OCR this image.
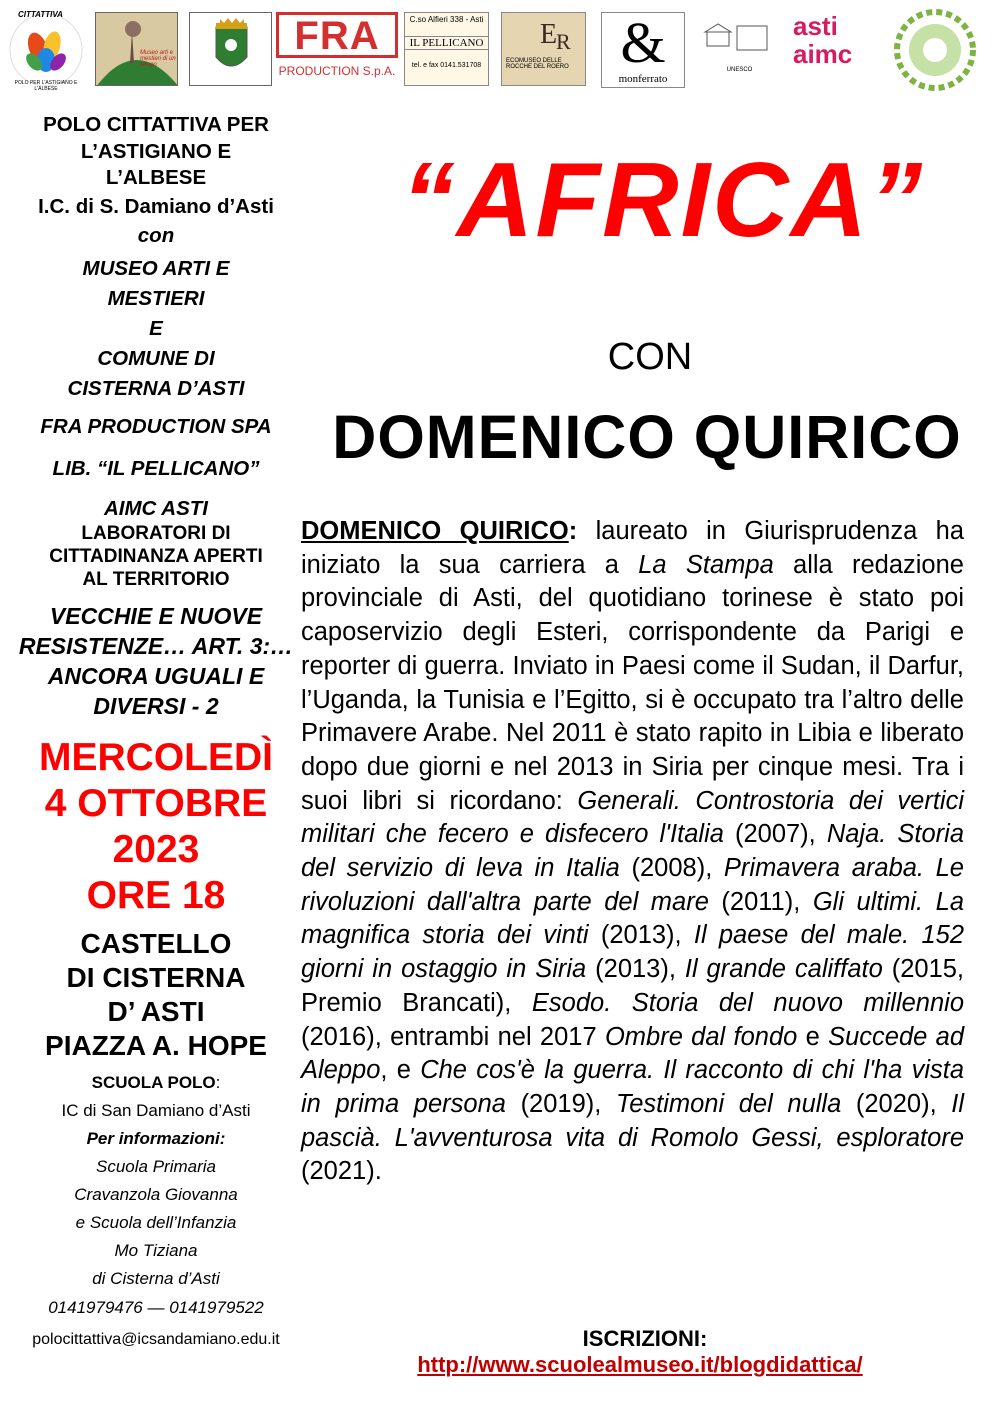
CITTATTIVA
POLO PER L'ASTIGIANO E L'ALBESE
Museo arti e mestieri di un tempo
FRA
PRODUCTION S.p.A.
C.so Alfieri 338 - Asti
IL PELLICANO
tel. e fax 0141.531708
E
R
ECOMUSEO DELLE ROCCHE DEL ROERO &
monferrato
UNESCO
asti
aimc
POLO CITTATTIVA PER L’ASTIGIANO E L’ALBESE
I.C. di S. Damiano d’Asti
con
MUSEO ARTI E MESTIERI
E
COMUNE DI CISTERNA D’ASTI
FRA PRODUCTION SPA
LIB. “IL PELLICANO”
AIMC ASTI
LABORATORI DI CITTADINANZA APERTI AL TERRITORIO
VECCHIE E NUOVE RESISTENZE… ART. 3:… ANCORA UGUALI E DIVERSI - 2
MERCOLEDÌ
4 OTTOBRE
2023
ORE 18
CASTELLO
DI CISTERNA
D’ ASTI
PIAZZA A. HOPE
SCUOLA POLO:
IC di San Damiano d’Asti
Per informazioni:
Scuola Primaria
Cravanzola Giovanna
e Scuola dell’Infanzia
Mo Tiziana
di Cisterna d’Asti
0141979476 — 0141979522
polocittattiva@icsandamiano.edu.it
“AFRICA”
CON
DOMENICO QUIRICO
DOMENICO QUIRICO: laureato in Giurisprudenza ha iniziato la sua carriera a La Stampa alla redazione provinciale di Asti, del quotidiano torinese è stato poi caposervizio degli Esteri, corrispondente da Parigi e reporter di guerra. Inviato in Paesi come il Sudan, il Darfur, l’Uganda, la Tunisia e l’Egitto, si è occupato tra l’altro delle Primavere Arabe. Nel 2011 è stato rapito in Libia e liberato dopo due giorni e nel 2013 in Siria per cinque mesi. Tra i suoi libri si ricordano: Generali. Controstoria dei vertici militari che fecero e disfecero l'Italia (2007), Naja. Storia del servizio di leva in Italia (2008), Primavera araba. Le rivoluzioni dall'altra parte del mare (2011), Gli ultimi. La magnifica storia dei vinti (2013), Il paese del male. 152 giorni in ostaggio in Siria (2013), Il grande califfato (2015, Premio Brancati), Esodo. Storia del nuovo millennio (2016), entrambi nel 2017 Ombre dal fondo e Succede ad Aleppo, e Che cos'è la guerra. Il racconto di chi l'ha vista in prima persona (2019), Testimoni del nulla (2020), Il pascià. L'avventurosa vita di Romolo Gessi, esploratore (2021).
ISCRIZIONI:
http://www.scuolealmuseo.it/blogdidattica/
